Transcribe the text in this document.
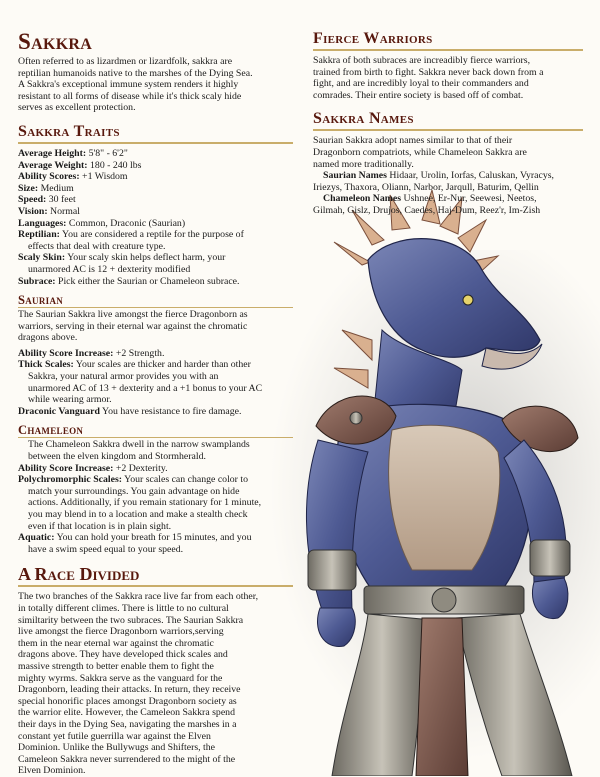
Sakkra
Often referred to as lizardmen or lizardfolk, sakkra are
reptilian humanoids native to the marshes of the Dying Sea.
A Sakkra's exceptional immune system renders it highly
resistant to all forms of disease while it's thick scaly hide
serves as excellent protection.
Sakkra Traits
Average Height: 5'8" - 6'2"
Average Weight: 180 - 240 lbs
Ability Scores: +1 Wisdom
Size: Medium
Speed: 30 feet
Vision: Normal
Languages: Common, Draconic (Saurian)
Reptilian: You are considered a reptile for the purpose of
effects that deal with creature type.
Scaly Skin: Your scaly skin helps deflect harm, your
unarmored AC is 12 + dexterity modified
Subrace: Pick either the Saurian or Chameleon subrace.
Saurian
The Saurian Sakkra live amongst the fierce Dragonborn as
warriors, serving in their eternal war against the chromatic
dragons above.
Ability Score Increase: +2 Strength.
Thick Scales: Your scales are thicker and harder than other
Sakkra, your natural armor provides you with an
unarmored AC of 13 + dexterity and a +1 bonus to your AC
while wearing armor.
Draconic Vanguard You have resistance to fire damage.
Chameleon
The Chameleon Sakkra dwell in the narrow swamplands
between the elven kingdom and Stormherald.
Ability Score Increase: +2 Dexterity.
Polychromorphic Scales: Your scales can change color to
match your surroundings. You gain advantage on hide
actions. Additionally, if you remain stationary for 1 minute,
you may blend in to a location and make a stealth check
even if that location is in plain sight.
Aquatic: You can hold your breath for 15 minutes, and you
have a swim speed equal to your speed.
A Race Divided
The two branches of the Sakkra race live far from each other,
in totally different climes. There is little to no cultural
similtarity between the two subraces. The Saurian Sakkra
live amongst the fierce Dragonborn warriors,serving
them in the near eternal war against the chromatic
dragons above. They have developed thick scales and
massive strength to better enable them to fight the
mighty wyrms. Sakkra serve as the vanguard for the
Dragonborn, leading their attacks. In return, they receive
special honorific places amongst Dragonborn society as
the warrior elite. However, the Cameleon Sakkra spend
their days in the Dying Sea, navigating the marshes in a
constant yet futile guerrilla war against the Elven
Dominion. Unlike the Bullywugs and Shifters, the
Cameleon Sakkra never surrendered to the might of the
Elven Dominion.
Fierce Warriors
Sakkra of both subraces are increadibly fierce warriors,
trained from birth to fight. Sakkra never back down from a
fight, and are incredibly loyal to their commanders and
comrades. Their entire society is based off of combat.
Sakkra Names
Saurian Sakkra adopt names similar to that of their
Dragonborn compatriots, while Chameleon Sakkra are
named more traditionally.
Saurian Names Hidaar, Urolin, Iorfas, Caluskan, Vyracys,
Iriezys, Thaxora, Oliann, Narbor, Jarqull, Baturim, Qellin
Chameleon Names Ushnee, Er-Nur, Seewesi, Neetos,
Gilmah, Gislz, Drujos, Caedes, Haj-Dum, Reez'r, Im-Zish
